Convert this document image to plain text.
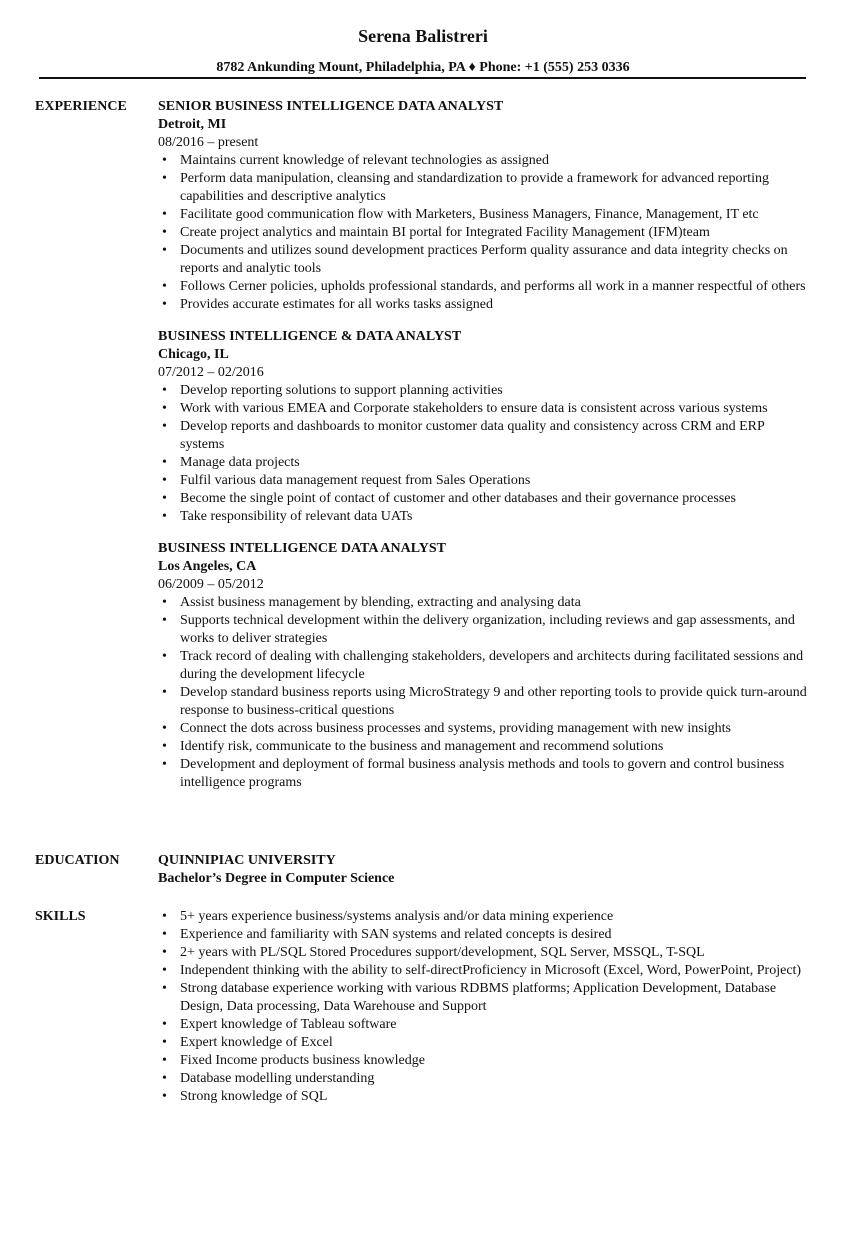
Serena Balistreri
8782 Ankunding Mount, Philadelphia, PA ♦ Phone: +1 (555) 253 0336
EXPERIENCE SENIOR BUSINESS INTELLIGENCE DATA ANALYST
Detroit, MI
08/2016 – present
• Maintains current knowledge of relevant technologies as assigned
• Perform data manipulation, cleansing and standardization to provide a framework for advanced reporting capabilities and descriptive analytics
• Facilitate good communication flow with Marketers, Business Managers, Finance, Management, IT etc
• Create project analytics and maintain BI portal for Integrated Facility Management (IFM)team
• Documents and utilizes sound development practices Perform quality assurance and data integrity checks on reports and analytic tools
• Follows Cerner policies, upholds professional standards, and performs all work in a manner respectful of others
• Provides accurate estimates for all works tasks assigned
BUSINESS INTELLIGENCE & DATA ANALYST
Chicago, IL
07/2012 – 02/2016
• Develop reporting solutions to support planning activities
• Work with various EMEA and Corporate stakeholders to ensure data is consistent across various systems
• Develop reports and dashboards to monitor customer data quality and consistency across CRM and ERP systems
• Manage data projects
• Fulfil various data management request from Sales Operations
• Become the single point of contact of customer and other databases and their governance processes
• Take responsibility of relevant data UATs
BUSINESS INTELLIGENCE DATA ANALYST
Los Angeles, CA
06/2009 – 05/2012
• Assist business management by blending, extracting and analysing data
• Supports technical development within the delivery organization, including reviews and gap assessments, and works to deliver strategies
• Track record of dealing with challenging stakeholders, developers and architects during facilitated sessions and during the development lifecycle
• Develop standard business reports using MicroStrategy 9 and other reporting tools to provide quick turn-around response to business-critical questions
• Connect the dots across business processes and systems, providing management with new insights
• Identify risk, communicate to the business and management and recommend solutions
• Development and deployment of formal business analysis methods and tools to govern and control business intelligence programs
EDUCATION	QUINNIPIAC UNIVERSITY
Bachelor’s Degree in Computer Science
SKILLS
•	5+ years experience business/systems analysis and/or data mining experience
• Experience and familiarity with SAN systems and related concepts is desired
• 2+ years with PL/SQL Stored Procedures support/development, SQL Server, MSSQL, T-SQL
• Independent thinking with the ability to self-directProficiency in Microsoft (Excel, Word, PowerPoint, Project)
• Strong database experience working with various RDBMS platforms; Application Development, Database Design, Data processing, Data Warehouse and Support
• Expert knowledge of Tableau software
• Expert knowledge of Excel
• Fixed Income products business knowledge
• Database modelling understanding
• Strong knowledge of SQL
